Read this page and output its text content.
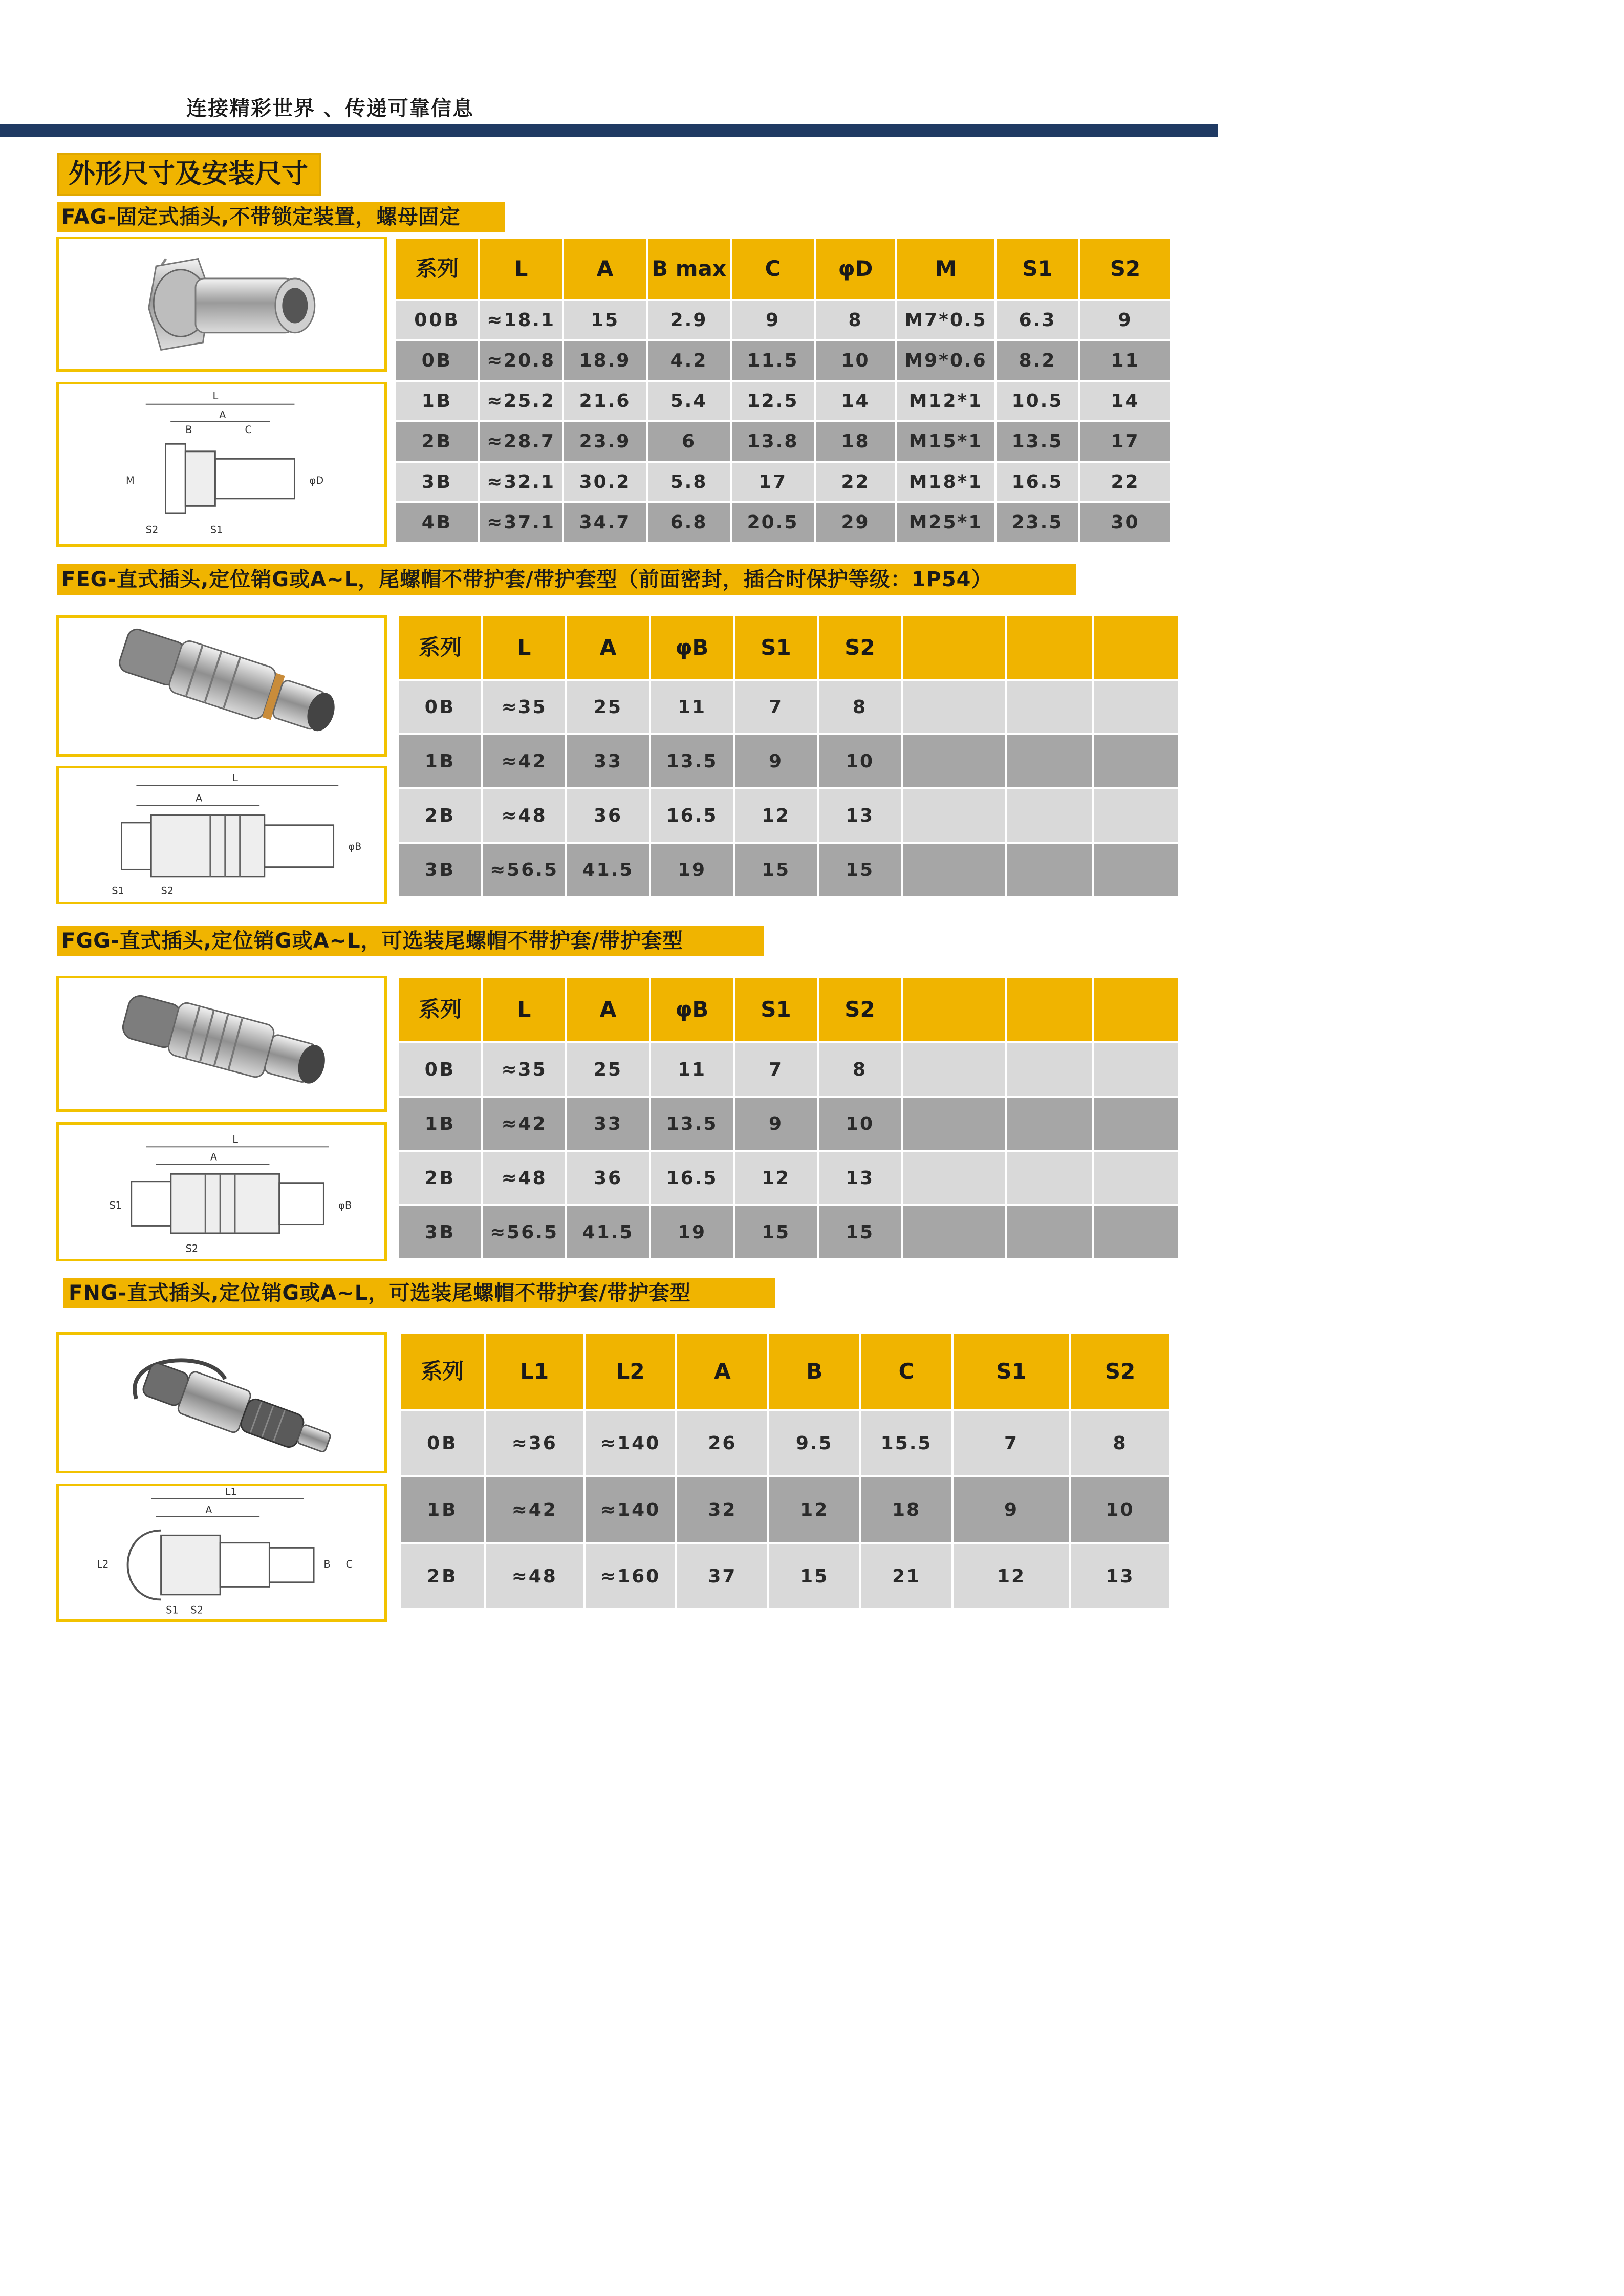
连接精彩世界 、传递可靠信息
外形尺寸及安装尺寸
FAG-固定式插头,不带锁定装置，螺母固定
L
A
B	C
M	φD
S2	S1
系列	L	A	B max	C	φD	M	S1	S2
00B	≈18.1	15	2.9	9	8	M7*0.5	6.3	9
0B	≈20.8	18.9	4.2	11.5	10	M9*0.6	8.2	11
1B	≈25.2	21.6	5.4	12.5	14	M12*1	10.5	14
2B	≈28.7	23.9	6	13.8	18	M15*1	13.5	17
3B	≈32.1	30.2	5.8	17	22	M18*1	16.5	22
4B	≈37.1	34.7	6.8	20.5	29	M25*1	23.5	30
FEG-直式插头,定位销G或A~L，尾螺帽不带护套/带护套型（前面密封，插合时保护等级：1P54）
L
A
φB
S1	S2
系列	L	A	φB	S1	S2			
0B	≈35	25	11	7	8			
1B	≈42	33	13.5	9	10			
2B	≈48	36	16.5	12	13			
3B	≈56.5	41.5	19	15	15			
FGG-直式插头,定位销G或A~L，可选装尾螺帽不带护套/带护套型
L
A
φB
S1
S2
系列	L	A	φB	S1	S2			
0B	≈35	25	11	7	8			
1B	≈42	33	13.5	9	10			
2B	≈48	36	16.5	12	13			
3B	≈56.5	41.5	19	15	15			
FNG-直式插头,定位销G或A~L，可选装尾螺帽不带护套/带护套型
L1
A
L2	B C
S1 S2
系列	L1	L2	A	B	C	S1	S2
0B	≈36	≈140	26	9.5	15.5	7	8
1B	≈42	≈140	32	12	18	9	10
2B	≈48	≈160	37	15	21	12	13
